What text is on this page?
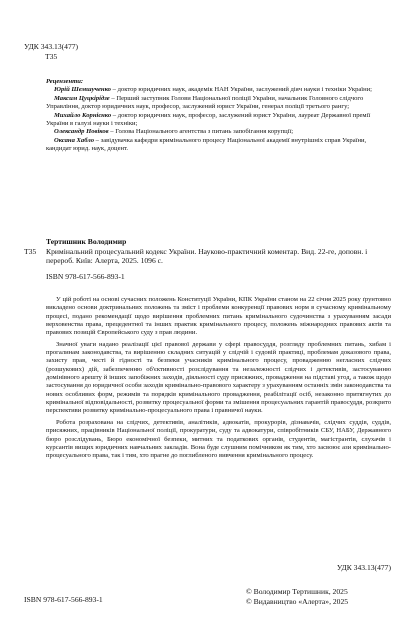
УДК 343.13(477)
Т35
Рецензенти:
Юрій Шемшученко – доктор юридичних наук, академік НАН України, заслужений діяч науки і техніки України;
Максим Цуцкірідзе – Перший заступник Голови Національної поліції України, начальник Головного слідчого Управління, доктор юридичних наук, професор, заслужений юрист України, генерал поліції третього рангу;
Михайло Корнієнко – доктор юридичних наук, професор, заслужений юрист України, лауреат Державної премії України в галузі науки і техніки;
Олександр Новіков – Голова Національного агентства з питань запобігання корупції;
Оксана Хабло – завідувачка кафедри кримінального процесу Національної академії внутрішніх справ України, кандидат юрид. наук, доцент.

Тертишник Володимир
Т35	Кримінальний процесуальний кодекс України. Науково-практичний коментар. Вид. 22-ге, доповн. і перероб. Київ: Алерта, 2025. 1096 с.
ISBN 978-617-566-893-1

У цій роботі на основі сучасних положень Конституції України, КПК України станом на 22 січня 2025 року ґрунтовно викладено основи доктринальних положень та зміст і проблеми конкуренції правових норм в сучасному кримінальному процесі, подано рекомендації щодо вирішення проблемних питань кримінального судочинства з урахуванням засади верховенства права, прецедентної та інших практик кримінального процесу, положень міжнародних правових актів та правових позицій Європейського суду з прав людини.

Значної уваги надано реалізації цієї правової держави у сфері правосуддя, розгляду проблемних питань, хибам і прогалинам законодавства, та вирішенню складних ситуацій у слідчій і судовій практиці, проблемам доказового права, захисту прав, честі й гідності та безпеки учасників кримінального процесу, провадженню негласних слідчих (розшукових) дій, забезпеченню об'єктивності розслідування та незалежності слідчих і детективів, застосуванню домінівного арешту й інших запобіжних заходів, діяльності суду присяжних, провадження на підставі угод, а також щодо застосування до юридичної особи заходів кримінально-правового характеру з урахуванням останніх змін законодавства та нових особливих форм, режимів та порядків кримінального провадження, реабілітації осіб, незаконно притягнутих до кримінальної відповідальності, розвитку процесуальної форми та змішення процесуальних гарантій правосуддя, розкрито перспективи розвитку кримінально-процесуального права і правничої науки.

Робота розрахована на слідчих, детективів, аналітиків, адвокатів, прокурорів, дізнавачів, слідчих суддів, суддів, присяжних, працівників Національної поліції, прокуратури, суду та адвокатури, співробітників СБУ, НАБУ, Державного бюро розслідувань, Бюро економічної безпеки, митних та податкових органів, студентів, магістрантів, слухачів і курсантів вищих юридичних навчальних закладів. Вона буде слушним помічником як тим, хто засвоює ази кримінально-процесуального права, так і тим, хто прагне до поглибленого вивчення кримінального процесу.

УДК 343.13(477)
ISBN 978-617-566-893-1
© Володимир Тертишник, 2025
© Видавництво «Алерта», 2025
